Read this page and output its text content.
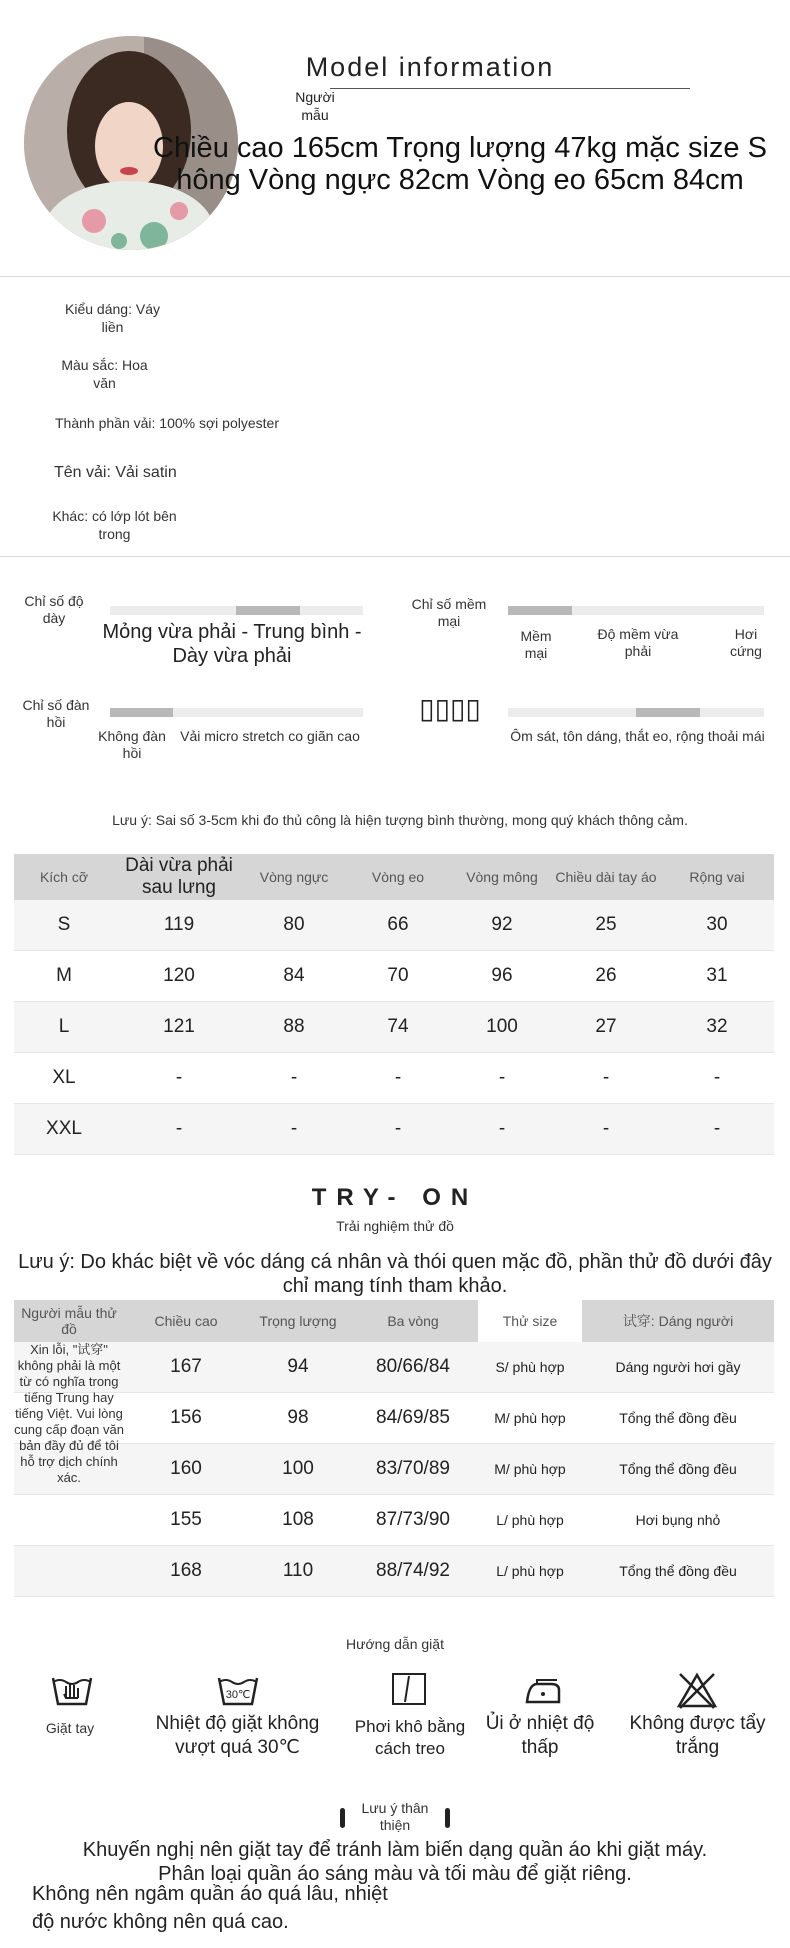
Model information
Người mẫu
Chiều cao 165cm Trọng lượng 47kg mặc size S hông Vòng ngực 82cm Vòng eo 65cm 84cm
Kiểu dáng: Váy liền
Màu sắc: Hoa văn
Thành phần vải: 100% sợi polyester
Tên vải: Vải satin
Khác: có lớp lót bên trong
Chỉ số độ dày
Mỏng vừa phải - Trung bình - Dày vừa phải
Chỉ số mềm mại
Mềm mại
Độ mềm vừa phải
Hơi cứng
Chỉ số đàn hồi
Không đàn hồi
Vải micro stretch co giãn cao
▯▯▯▯
Ôm sát, tôn dáng, thắt eo, rộng thoải mái
Lưu ý: Sai số 3-5cm khi đo thủ công là hiện tượng bình thường, mong quý khách thông cảm.
Kích cỡ	Dài vừa phải sau lưng	Vòng ngực	Vòng eo	Vòng mông	Chiều dài tay áo	Rộng vai
S	119	80	66	92	25	30
M	120	84	70	96	26	31
L	121	88	74	100	27	32
XL	-	-	-	-	-	-
XXL	-	-	-	-	-	-
TRY- ON
Trải nghiệm thử đồ
Lưu ý: Do khác biệt về vóc dáng cá nhân và thói quen mặc đồ, phần thử đồ dưới đây chỉ mang tính tham khảo.
Người mẫu thử đồ	Chiều cao	Trọng lượng	Ba vòng	Thử size	试穿: Dáng người
	167	94	80/66/84	S/ phù hợp	Dáng người hơi gầy
	156	98	84/69/85	M/ phù hợp	Tổng thể đồng đều
	160	100	83/70/89	M/ phù hợp	Tổng thể đồng đều
	155	108	87/73/90	L/ phù hợp	Hơi bụng nhỏ
	168	110	88/74/92	L/ phù hợp	Tổng thể đồng đều
Xin lỗi, "试穿" không phải là một từ có nghĩa trong tiếng Trung hay tiếng Việt. Vui lòng cung cấp đoạn văn bản đầy đủ để tôi hỗ trợ dịch chính xác.
Hướng dẫn giặt
Giặt tay
30℃
Nhiệt độ giặt không vượt quá 30℃
Phơi khô bằng cách treo
Ủi ở nhiệt độ thấp
Không được tẩy trắng
Lưu ý thân thiện
Khuyến nghị nên giặt tay để tránh làm biến dạng quần áo khi giặt máy.
Phân loại quần áo sáng màu và tối màu để giặt riêng.
Không nên ngâm quần áo quá lâu, nhiệt độ nước không nên quá cao.
